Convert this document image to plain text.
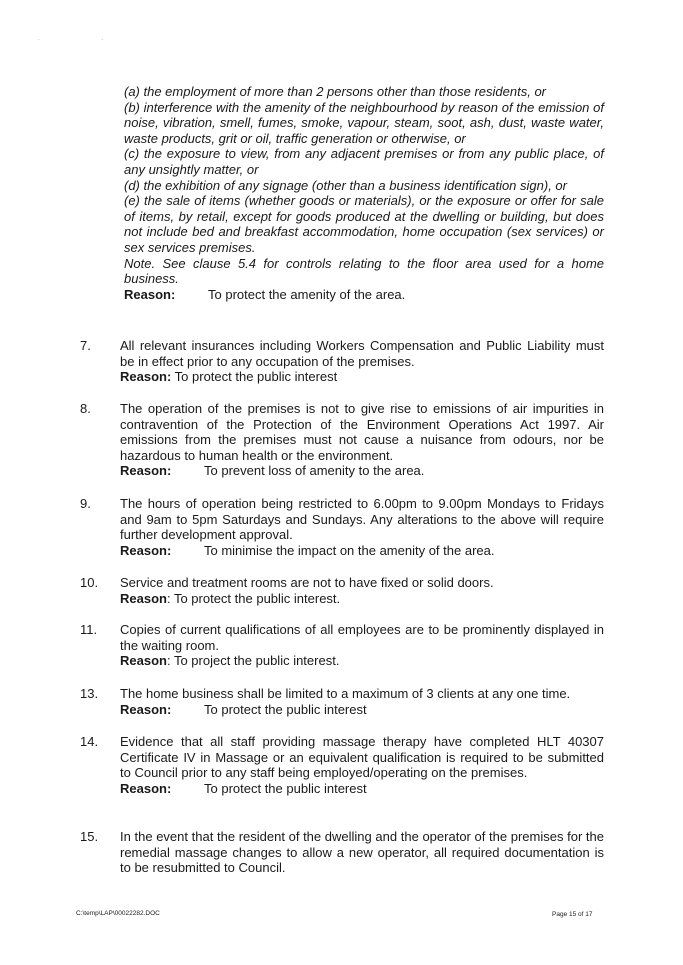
. .

(a) the employment of more than 2 persons other than those residents, or

(b) interference with the amenity of the neighbourhood by reason of the emission of noise, vibration, smell, fumes, smoke, vapour, steam, soot, ash, dust, waste water, waste products, grit or oil, traffic generation or otherwise, or

(c) the exposure to view, from any adjacent premises or from any public place, of any unsightly matter, or

(d) the exhibition of any signage (other than a business identification sign), or

(e) the sale of items (whether goods or materials), or the exposure or offer for sale of items, by retail, except for goods produced at the dwelling or building, but does not include bed and breakfast accommodation, home occupation (sex services) or sex services premises.

Note. See clause 5.4 for controls relating to the floor area used for a home business.

Reason:	To protect the amenity of the area.

7. All relevant insurances including Workers Compensation and Public Liability must be in effect prior to any occupation of the premises.
Reason: To protect the public interest
8. The operation of the premises is not to give rise to emissions of air impurities in contravention of the Protection of the Environment Operations Act 1997. Air emissions from the premises must not cause a nuisance from odours, nor be hazardous to human health or the environment.
Reason:	To prevent loss of amenity to the area.
9. The hours of operation being restricted to 6.00pm to 9.00pm Mondays to Fridays and 9am to 5pm Saturdays and Sundays. Any alterations to the above will require further development approval.
Reason:	To minimise the impact on the amenity of the area.
10. Service and treatment rooms are not to have fixed or solid doors.
Reason: To protect the public interest.
11. Copies of current qualifications of all employees are to be prominently displayed in the waiting room.
Reason: To project the public interest.
13. The home business shall be limited to a maximum of 3 clients at any one time.
Reason:	To protect the public interest
14. Evidence that all staff providing massage therapy have completed HLT 40307 Certificate IV in Massage or an equivalent qualification is required to be submitted to Council prior to any staff being employed/operating on the premises.
Reason:	To protect the public interest
15. In the event that the resident of the dwelling and the operator of the premises for the remedial massage changes to allow a new operator, all required documentation is to be resubmitted to Council.
C:\temp\LAP\00022282.DOC	Page 15 of 17
